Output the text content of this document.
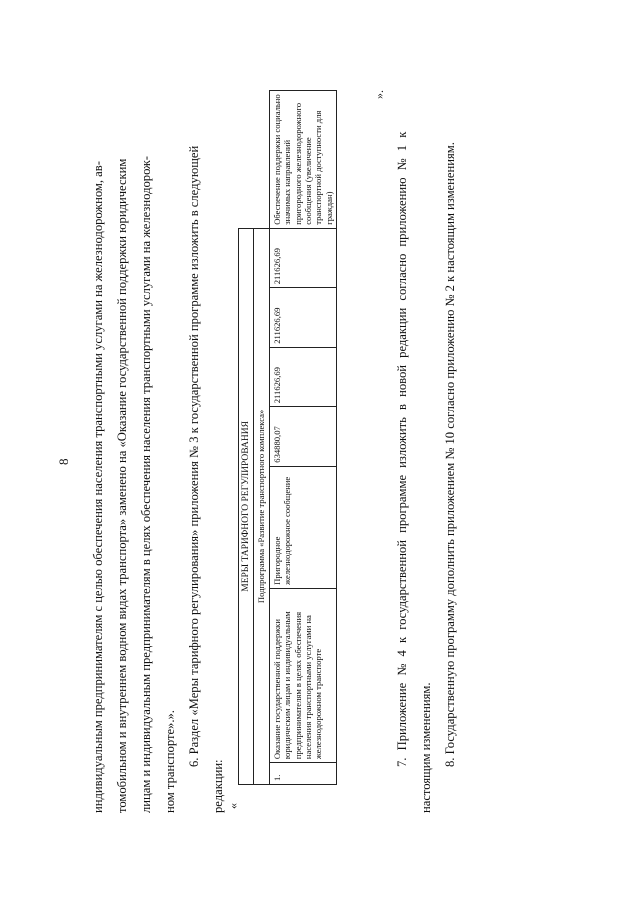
8	индивидуальным предпринимателям с целью обеспечения населения транспортными услугами на железнодорожном, ав- томобильном и внутреннем водном видах транспорта» заменено на «Оказание государственной поддержки юридическим лицам и индивидуальным предпринимателям в целях обеспечения населения транспортными услугами на железнодорож- ном транспорте».». 6. Раздел «Меры тарифного регулирования» приложения № 3 к государственной программе изложить в следующей

редакции: «
МЕРЫ ТАРИФНОГО РЕГУЛИРОВАНИЯ
Подпрограмма «Развитие транспортного комплекса»
1.	Оказание государственной поддержки юридическим лицам и индивидуальным предпринимателям в целях обеспечения населения транспортными услугами на железнодорожном транспорте	Пригородное железнодорожное сообщение	634880,07	211626,69	211626,69	211626,69	Обеспечение поддержки социально значимых направлений пригородного железнодорожного сообщения (увеличение транспортной доступности для граждан)
».

7. Приложение № 4 к государственной программе изложить в новой редакции согласно приложению № 1 к настоящим изменениям. 8. Государственную программу дополнить приложением № 10 согласно приложению № 2 к настоящим изменениям.
